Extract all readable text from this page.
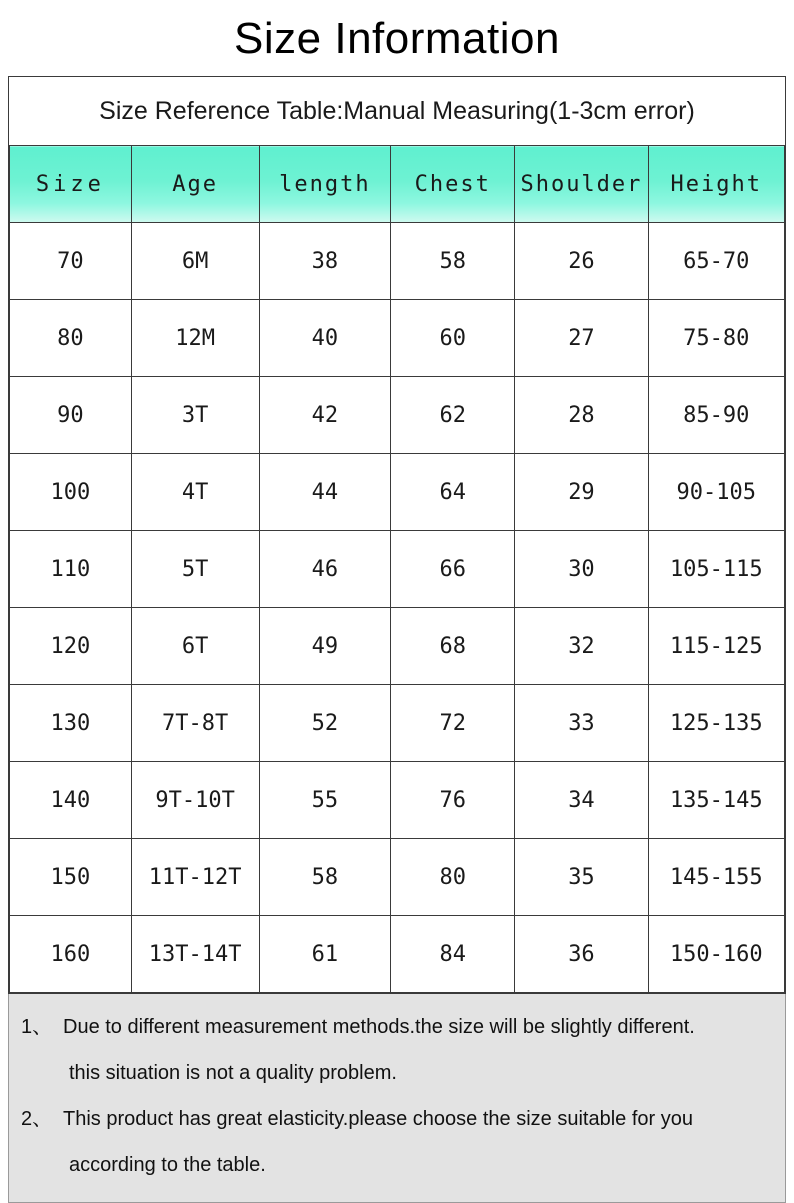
Size Information
Size Reference Table:Manual Measuring(1-3cm error)					
Size	Age	length	Chest	Shoulder	Height
70	6M	38	58	26	65-70
80	12M	40	60	27	75-80
90	3T	42	62	28	85-90
100	4T	44	64	29	90-105
110	5T	46	66	30	105-115
120	6T	49	68	32	115-125
130	7T-8T	52	72	33	125-135
140	9T-10T	55	76	34	135-145
150	11T-12T	58	80	35	145-155
160	13T-14T	61	84	36	150-160
1、 Due to different measurement methods.the size will be slightly different.
this situation is not a quality problem.
2、 This product has great elasticity.please choose the size suitable for you
according to the table.
